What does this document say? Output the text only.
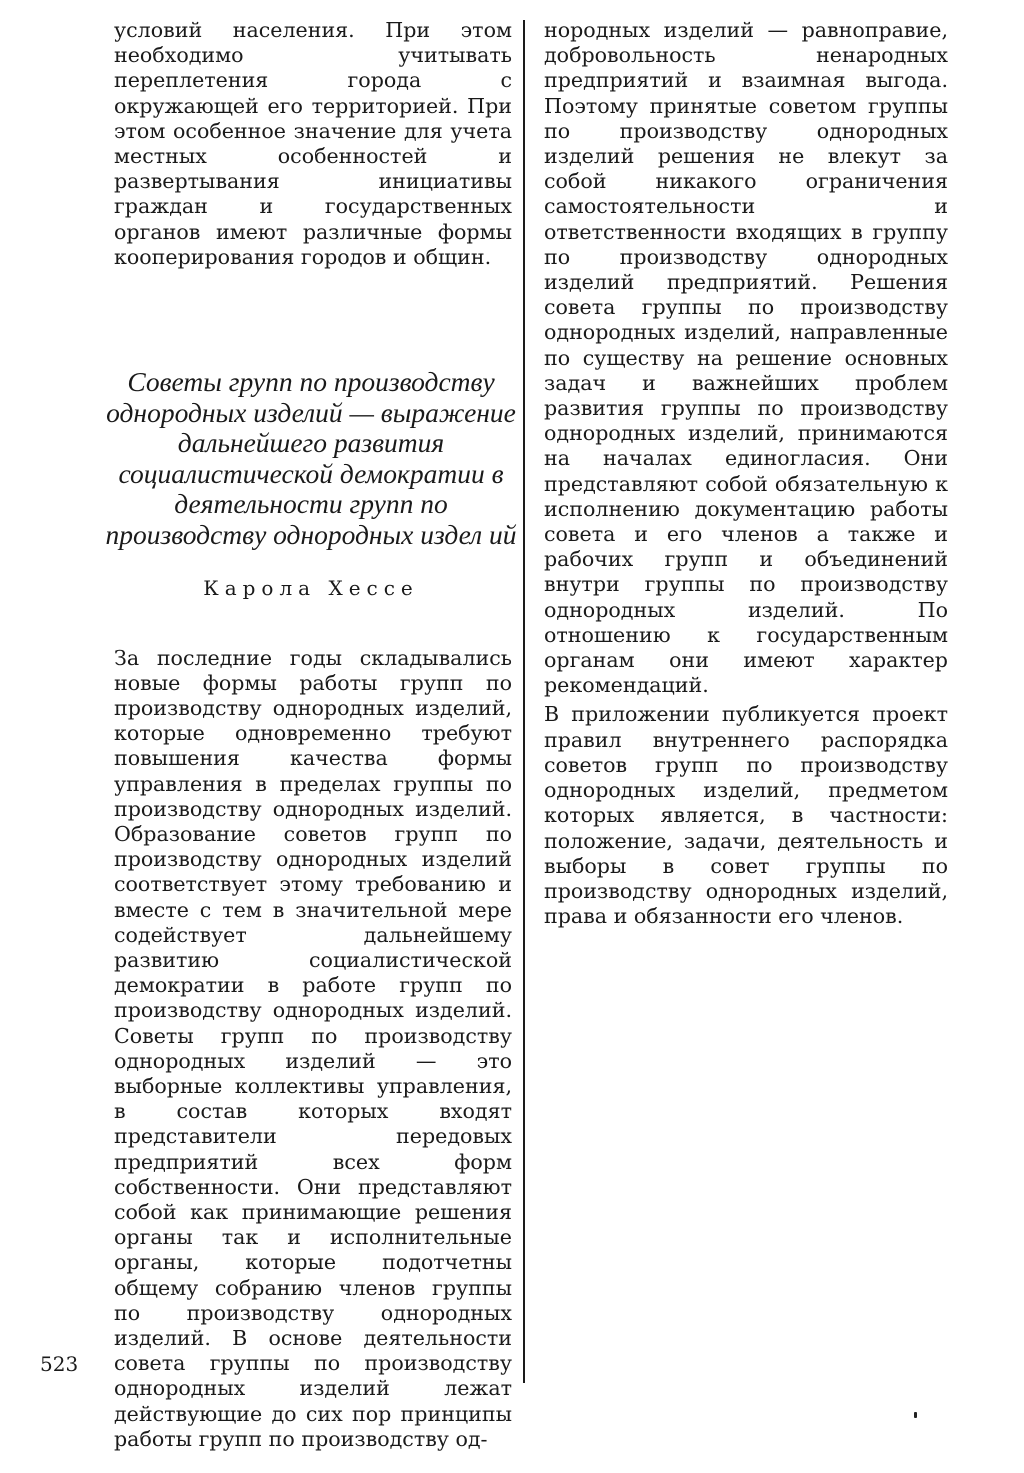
условий населения. При этом необходимо учитывать переплетения города с окружающей его территорией. При этом особенное значение для учета местных особенностей и развертывания инициативы граждан и государственных органов имеют различные формы кооперирования городов и общин.

Советы групп по производству однородных изделий — выражение дальнейшего развития социалистической демократии в деятельности групп по производству однородных издел ий
Карола Хессе

За последние годы складывались новые формы работы групп по производству однородных изделий, которые одновременно требуют повышения качества формы управления в пределах группы по производству однородных изделий. Образование советов групп по производству однородных изделий соответствует этому требованию и вместе с тем в значительной мере содействует дальнейшему развитию социалистической демократии в работе групп по производству однородных изделий. Советы групп по производству однородных изделий — это выборные коллективы управления, в состав которых входят представители передовых предприятий всех форм собственности. Они представляют собой как принимающие решения органы так и исполнительные органы, которые подотчетны общему собранию членов группы по производству однородных изделий. В основе деятельности совета группы по производству однородных изделий лежат действующие до сих пор принципы работы групп по производству од-

нородных изделий — равноправие, добровольность ненародных предприятий и взаимная выгода. Поэтому принятые советом группы по производству однородных изделий решения не влекут за собой никакого ограничения самостоятельности и ответственности входящих в группу по производству однородных изделий предприятий. Решения совета группы по производству однородных изделий, направленные по существу на решение основных задач и важнейших проблем развития группы по производству однородных изделий, принимаются на началах единогласия. Они представляют собой обязательную к исполнению документацию работы совета и его членов а также и рабочих групп и объединений внутри группы по производству однородных изделий. По отношению к государственным органам они имеют характер рекомендаций.

В приложении публикуется проект правил внутреннего распорядка советов групп по производству однородных изделий, предметом которых является, в частности: положение, задачи, деятельность и выборы в совет группы по производству однородных изделий, права и обязанности его членов.

523
